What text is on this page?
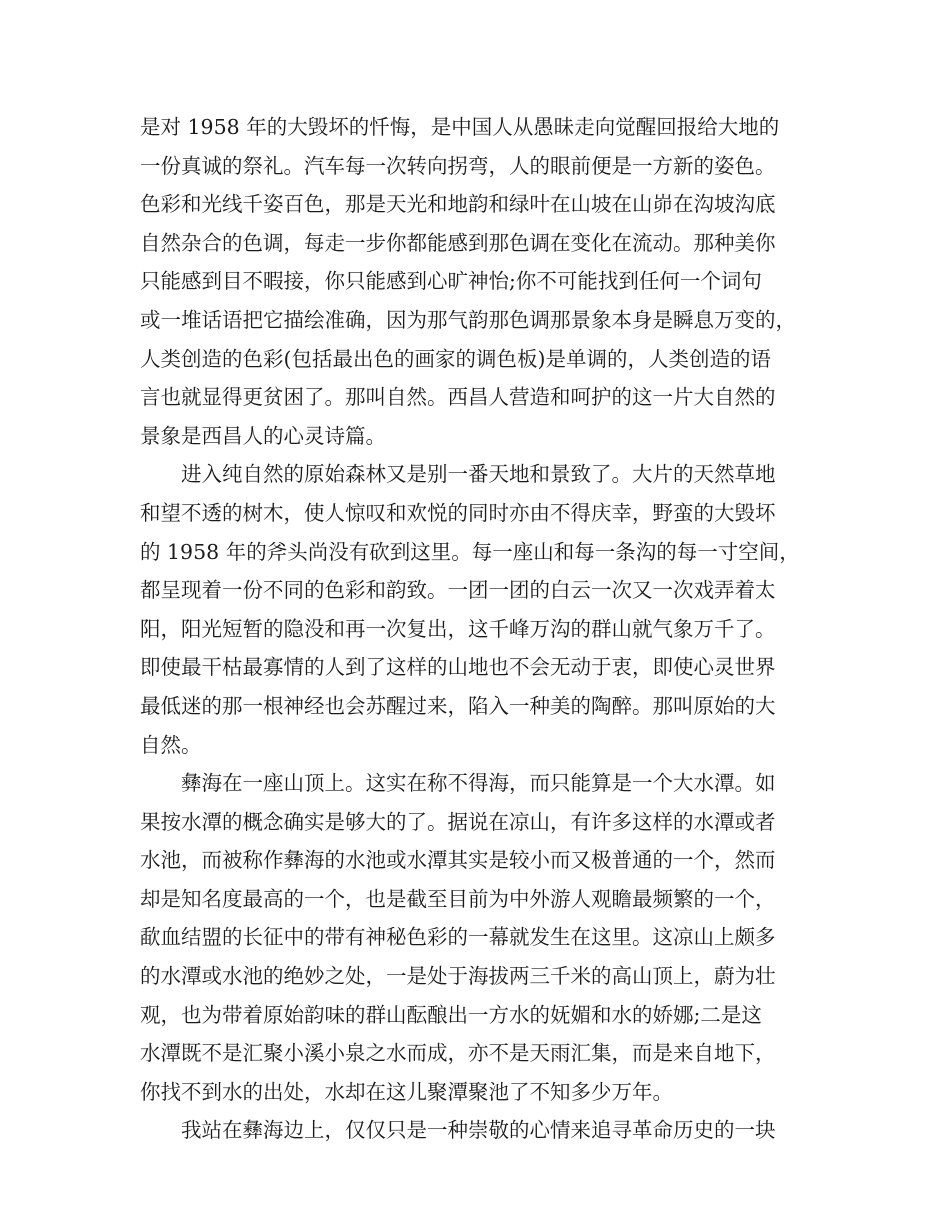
是对 1958 年的大毁坏的忏悔，是中国人从愚昧走向觉醒回报给大地的
一份真诚的祭礼。汽车每一次转向拐弯，人的眼前便是一方新的姿色。
色彩和光线千姿百色，那是天光和地韵和绿叶在山坡在山峁在沟坡沟底
自然杂合的色调，每走一步你都能感到那色调在变化在流动。那种美你
只能感到目不暇接，你只能感到心旷神怡;你不可能找到任何一个词句
或一堆话语把它描绘准确，因为那气韵那色调那景象本身是瞬息万变的，
人类创造的色彩(包括最出色的画家的调色板)是单调的，人类创造的语
言也就显得更贫困了。那叫自然。西昌人营造和呵护的这一片大自然的
景象是西昌人的心灵诗篇。
进入纯自然的原始森林又是别一番天地和景致了。大片的天然草地
和望不透的树木，使人惊叹和欢悦的同时亦由不得庆幸，野蛮的大毁坏
的 1958 年的斧头尚没有砍到这里。每一座山和每一条沟的每一寸空间，
都呈现着一份不同的色彩和韵致。一团一团的白云一次又一次戏弄着太
阳，阳光短暂的隐没和再一次复出，这千峰万沟的群山就气象万千了。
即使最干枯最寡情的人到了这样的山地也不会无动于衷，即使心灵世界
最低迷的那一根神经也会苏醒过来，陷入一种美的陶醉。那叫原始的大
自然。
彝海在一座山顶上。这实在称不得海，而只能算是一个大水潭。如
果按水潭的概念确实是够大的了。据说在凉山，有许多这样的水潭或者
水池，而被称作彝海的水池或水潭其实是较小而又极普通的一个，然而
却是知名度最高的一个，也是截至目前为中外游人观瞻最频繁的一个，
歃血结盟的长征中的带有神秘色彩的一幕就发生在这里。这凉山上颇多
的水潭或水池的绝妙之处，一是处于海拔两三千米的高山顶上，蔚为壮
观，也为带着原始韵味的群山酝酿出一方水的妩媚和水的娇娜;二是这
水潭既不是汇聚小溪小泉之水而成，亦不是天雨汇集，而是来自地下，
你找不到水的出处，水却在这儿聚潭聚池了不知多少万年。
我站在彝海边上，仅仅只是一种崇敬的心情来追寻革命历史的一块
